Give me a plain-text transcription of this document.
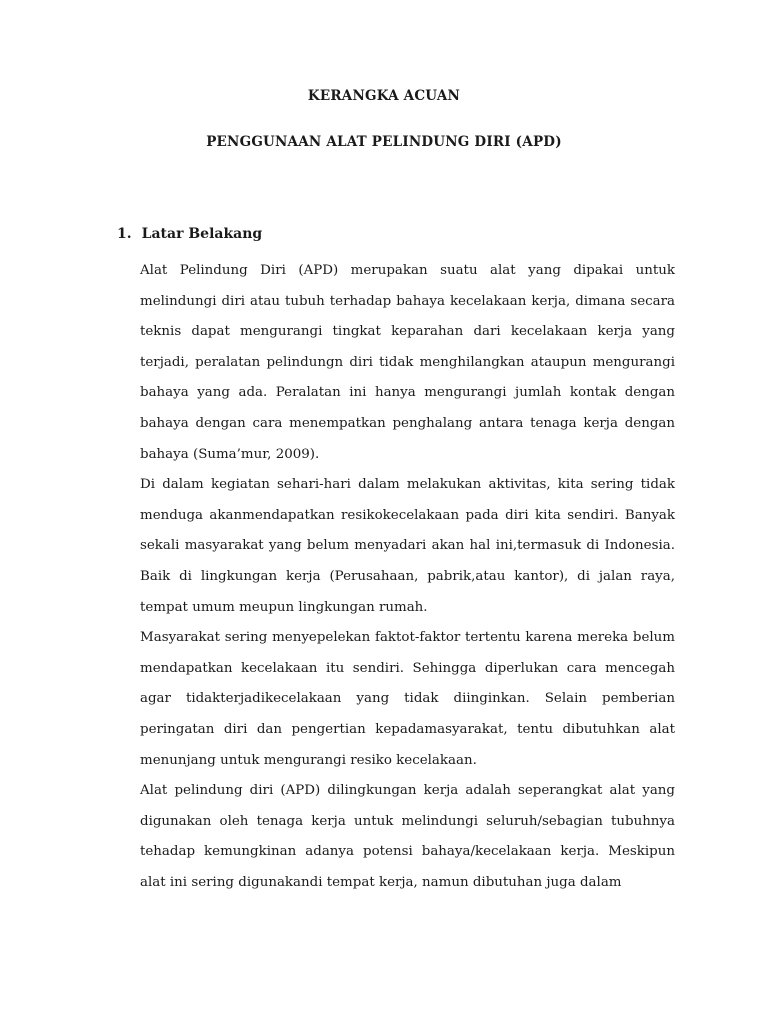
KERANGKA ACUAN
PENGGUNAAN ALAT PELINDUNG DIRI (APD)
1. Latar Belakang

Alat Pelindung Diri (APD) merupakan suatu alat yang dipakai untuk melindungi diri atau tubuh terhadap bahaya kecelakaan kerja, dimana secara teknis dapat mengurangi tingkat keparahan dari kecelakaan kerja yang terjadi, peralatan pelindungn diri tidak menghilangkan ataupun mengurangi bahaya yang ada. Peralatan ini hanya mengurangi jumlah kontak dengan bahaya dengan cara menempatkan penghalang antara tenaga kerja dengan bahaya (Suma’mur, 2009).

Di dalam kegiatan sehari-hari dalam melakukan aktivitas, kita sering tidak menduga akanmendapatkan resikokecelakaan pada diri kita sendiri. Banyak sekali masyarakat yang belum menyadari akan hal ini,termasuk di Indonesia. Baik di lingkungan kerja (Perusahaan, pabrik,atau kantor), di jalan raya, tempat umum meupun lingkungan rumah.

Masyarakat sering menyepelekan faktot-faktor tertentu karena mereka belum mendapatkan kecelakaan itu sendiri. Sehingga diperlukan cara mencegah agar tidakterjadikecelakaan yang tidak diinginkan. Selain pemberian peringatan diri dan pengertian kepadamasyarakat, tentu dibutuhkan alat menunjang untuk mengurangi resiko kecelakaan.

Alat pelindung diri (APD) dilingkungan kerja adalah seperangkat alat yang digunakan oleh tenaga kerja untuk melindungi seluruh/sebagian tubuhnya tehadap kemungkinan adanya potensi bahaya/kecelakaan kerja. Meskipun alat ini sering digunakandi tempat kerja, namun dibutuhan juga dalam
